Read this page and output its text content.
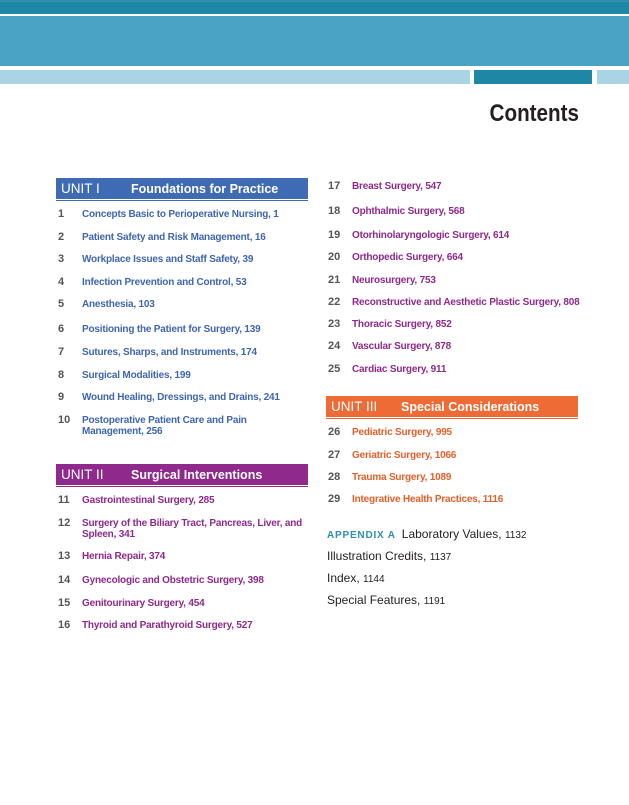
Contents
UNIT I	Foundations for Practice
1	Concepts Basic to Perioperative Nursing, 1
2	Patient Safety and Risk Management, 16
3	Workplace Issues and Staff Safety, 39
4	Infection Prevention and Control, 53
5	Anesthesia, 103
6	Positioning the Patient for Surgery, 139
7	Sutures, Sharps, and Instruments, 174
8	Surgical Modalities, 199
9	Wound Healing, Dressings, and Drains, 241
10	Postoperative Patient Care and Pain Management, 256
UNIT II	Surgical Interventions
11	Gastrointestinal Surgery, 285
12	Surgery of the Biliary Tract, Pancreas, Liver, and Spleen, 341
13	Hernia Repair, 374
14	Gynecologic and Obstetric Surgery, 398
15	Genitourinary Surgery, 454
16	Thyroid and Parathyroid Surgery, 527
17	Breast Surgery, 547
18	Ophthalmic Surgery, 568
19	Otorhinolaryngologic Surgery, 614
20	Orthopedic Surgery, 664
21	Neurosurgery, 753
22	Reconstructive and Aesthetic Plastic Surgery, 808
23	Thoracic Surgery, 852
24	Vascular Surgery, 878
25	Cardiac Surgery, 911
UNIT III	Special Considerations
26	Pediatric Surgery, 995
27	Geriatric Surgery, 1066
28	Trauma Surgery, 1089
29	Integrative Health Practices, 1116
APPENDIX A Laboratory Values, 1132
Illustration Credits, 1137
Index, 1144
Special Features, 1191
